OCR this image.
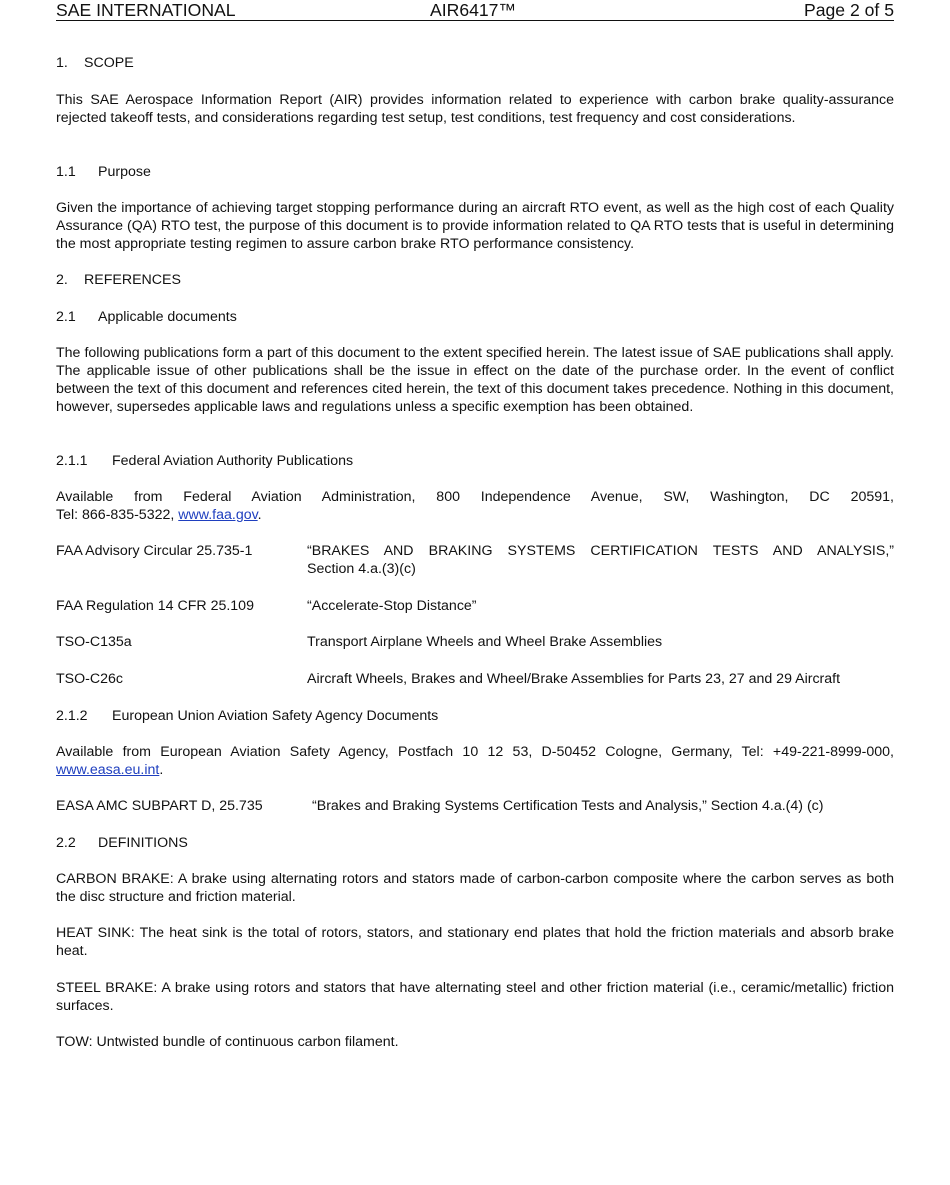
SAE INTERNATIONAL	AIR6417™	Page 2 of 5
1. SCOPE
This SAE Aerospace Information Report (AIR) provides information related to experience with carbon brake quality-assurance rejected takeoff tests, and considerations regarding test setup, test conditions, test frequency and cost considerations.
1.1 Purpose
Given the importance of achieving target stopping performance during an aircraft RTO event, as well as the high cost of each Quality Assurance (QA) RTO test, the purpose of this document is to provide information related to QA RTO tests that is useful in determining the most appropriate testing regimen to assure carbon brake RTO performance consistency.
2. REFERENCES
2.1 Applicable documents
The following publications form a part of this document to the extent specified herein. The latest issue of SAE publications shall apply. The applicable issue of other publications shall be the issue in effect on the date of the purchase order. In the event of conflict between the text of this document and references cited herein, the text of this document takes precedence. Nothing in this document, however, supersedes applicable laws and regulations unless a specific exemption has been obtained.
2.1.1 Federal Aviation Authority Publications
Available from Federal Aviation Administration, 800 Independence Avenue, SW, Washington, DC 20591,
Tel: 866-835-5322, www.faa.gov.
FAA Advisory Circular 25.735-1	“BRAKES AND BRAKING SYSTEMS CERTIFICATION TESTS AND ANALYSIS,”
Section 4.a.(3)(c)
FAA Regulation 14 CFR 25.109	“Accelerate-Stop Distance”
TSO-C135a	Transport Airplane Wheels and Wheel Brake Assemblies
TSO-C26c	Aircraft Wheels, Brakes and Wheel/Brake Assemblies for Parts 23, 27 and 29 Aircraft
2.1.2 European Union Aviation Safety Agency Documents
Available from European Aviation Safety Agency, Postfach 10 12 53, D-50452 Cologne, Germany, Tel: +49-221-8999-000,
www.easa.eu.int.
EASA AMC SUBPART D, 25.735	“Brakes and Braking Systems Certification Tests and Analysis,” Section 4.a.(4) (c)
2.2 DEFINITIONS
CARBON BRAKE: A brake using alternating rotors and stators made of carbon-carbon composite where the carbon serves as both the disc structure and friction material.
HEAT SINK: The heat sink is the total of rotors, stators, and stationary end plates that hold the friction materials and absorb brake heat.
STEEL BRAKE: A brake using rotors and stators that have alternating steel and other friction material (i.e., ceramic/metallic) friction surfaces.
TOW: Untwisted bundle of continuous carbon filament.
